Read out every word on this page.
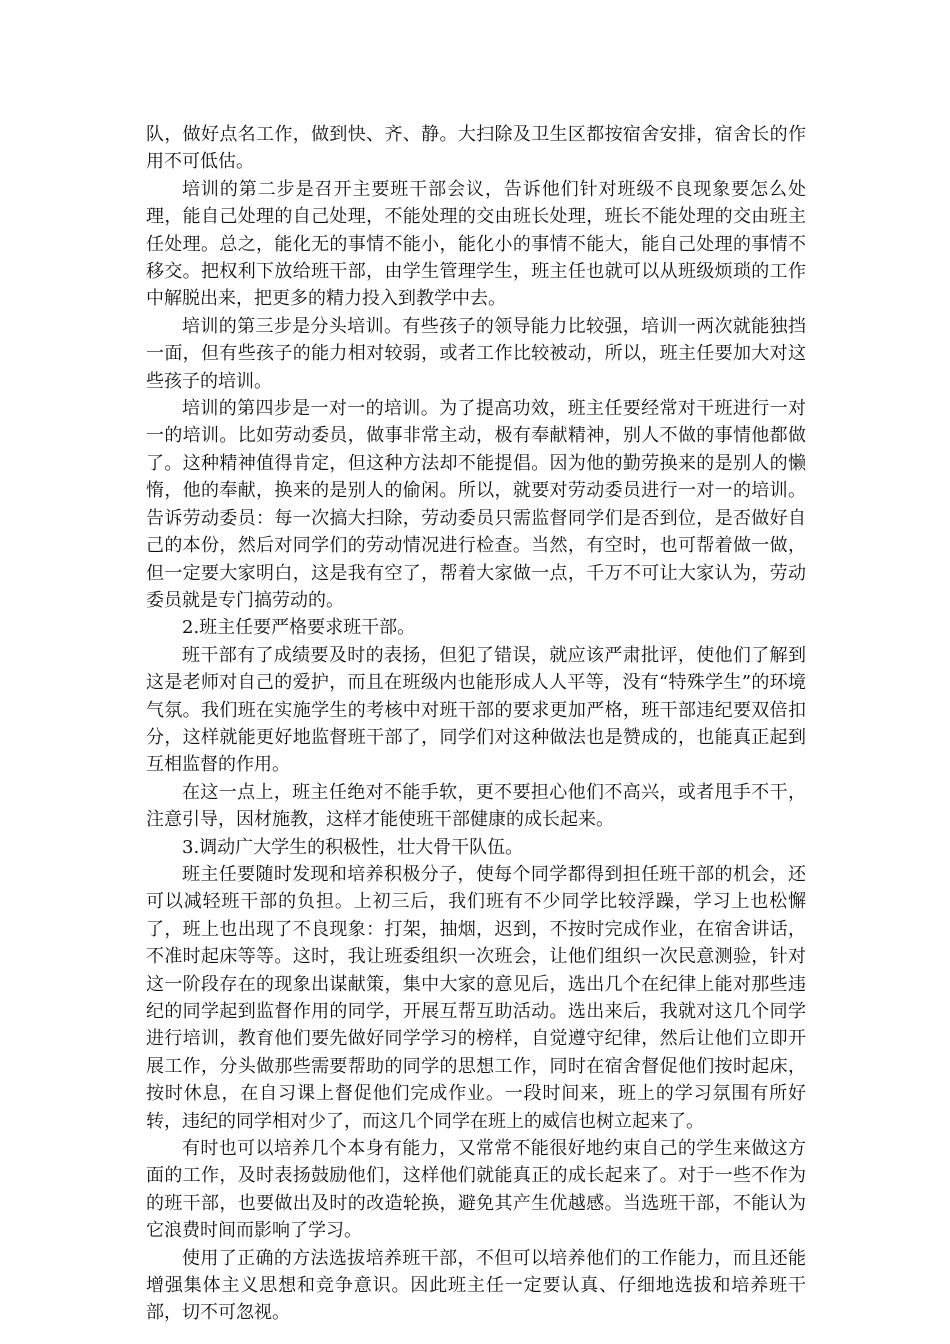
队，做好点名工作，做到快、齐、静。大扫除及卫生区都按宿舍安排，宿舍长的作用不可低估。

培训的第二步是召开主要班干部会议，告诉他们针对班级不良现象要怎么处理，能自己处理的自己处理，不能处理的交由班长处理，班长不能处理的交由班主任处理。总之，能化无的事情不能小，能化小的事情不能大，能自己处理的事情不移交。把权利下放给班干部，由学生管理学生，班主任也就可以从班级烦琐的工作中解脱出来，把更多的精力投入到教学中去。

培训的第三步是分头培训。有些孩子的领导能力比较强，培训一两次就能独挡一面，但有些孩子的能力相对较弱，或者工作比较被动，所以，班主任要加大对这些孩子的培训。

培训的第四步是一对一的培训。为了提高功效，班主任要经常对干班进行一对一的培训。比如劳动委员，做事非常主动，极有奉献精神，别人不做的事情他都做了。这种精神值得肯定，但这种方法却不能提倡。因为他的勤劳换来的是别人的懒惰，他的奉献，换来的是别人的偷闲。所以，就要对劳动委员进行一对一的培训。告诉劳动委员：每一次搞大扫除，劳动委员只需监督同学们是否到位，是否做好自己的本份，然后对同学们的劳动情况进行检查。当然，有空时，也可帮着做一做，但一定要大家明白，这是我有空了，帮着大家做一点，千万不可让大家认为，劳动委员就是专门搞劳动的。

2.班主任要严格要求班干部。

班干部有了成绩要及时的表扬，但犯了错误，就应该严肃批评，使他们了解到这是老师对自己的爱护，而且在班级内也能形成人人平等，没有“特殊学生”的环境气氛。我们班在实施学生的考核中对班干部的要求更加严格，班干部违纪要双倍扣分，这样就能更好地监督班干部了，同学们对这种做法也是赞成的，也能真正起到互相监督的作用。

在这一点上，班主任绝对不能手软，更不要担心他们不高兴，或者甩手不干，注意引导，因材施教，这样才能使班干部健康的成长起来。

3.调动广大学生的积极性，壮大骨干队伍。

班主任要随时发现和培养积极分子，使每个同学都得到担任班干部的机会，还可以减轻班干部的负担。上初三后，我们班有不少同学比较浮躁，学习上也松懈了，班上也出现了不良现象：打架，抽烟，迟到，不按时完成作业，在宿舍讲话，不准时起床等等。这时，我让班委组织一次班会，让他们组织一次民意测验，针对这一阶段存在的现象出谋献策，集中大家的意见后，选出几个在纪律上能对那些违纪的同学起到监督作用的同学，开展互帮互助活动。选出来后，我就对这几个同学进行培训，教育他们要先做好同学学习的榜样，自觉遵守纪律，然后让他们立即开展工作，分头做那些需要帮助的同学的思想工作，同时在宿舍督促他们按时起床，按时休息，在自习课上督促他们完成作业。一段时间来，班上的学习氛围有所好转，违纪的同学相对少了，而这几个同学在班上的威信也树立起来了。

有时也可以培养几个本身有能力，又常常不能很好地约束自己的学生来做这方面的工作，及时表扬鼓励他们，这样他们就能真正的成长起来了。对于一些不作为的班干部，也要做出及时的改造轮换，避免其产生优越感。当选班干部，不能认为它浪费时间而影响了学习。

使用了正确的方法选拔培养班干部，不但可以培养他们的工作能力，而且还能增强集体主义思想和竞争意识。因此班主任一定要认真、仔细地选拔和培养班干部，切不可忽视。
